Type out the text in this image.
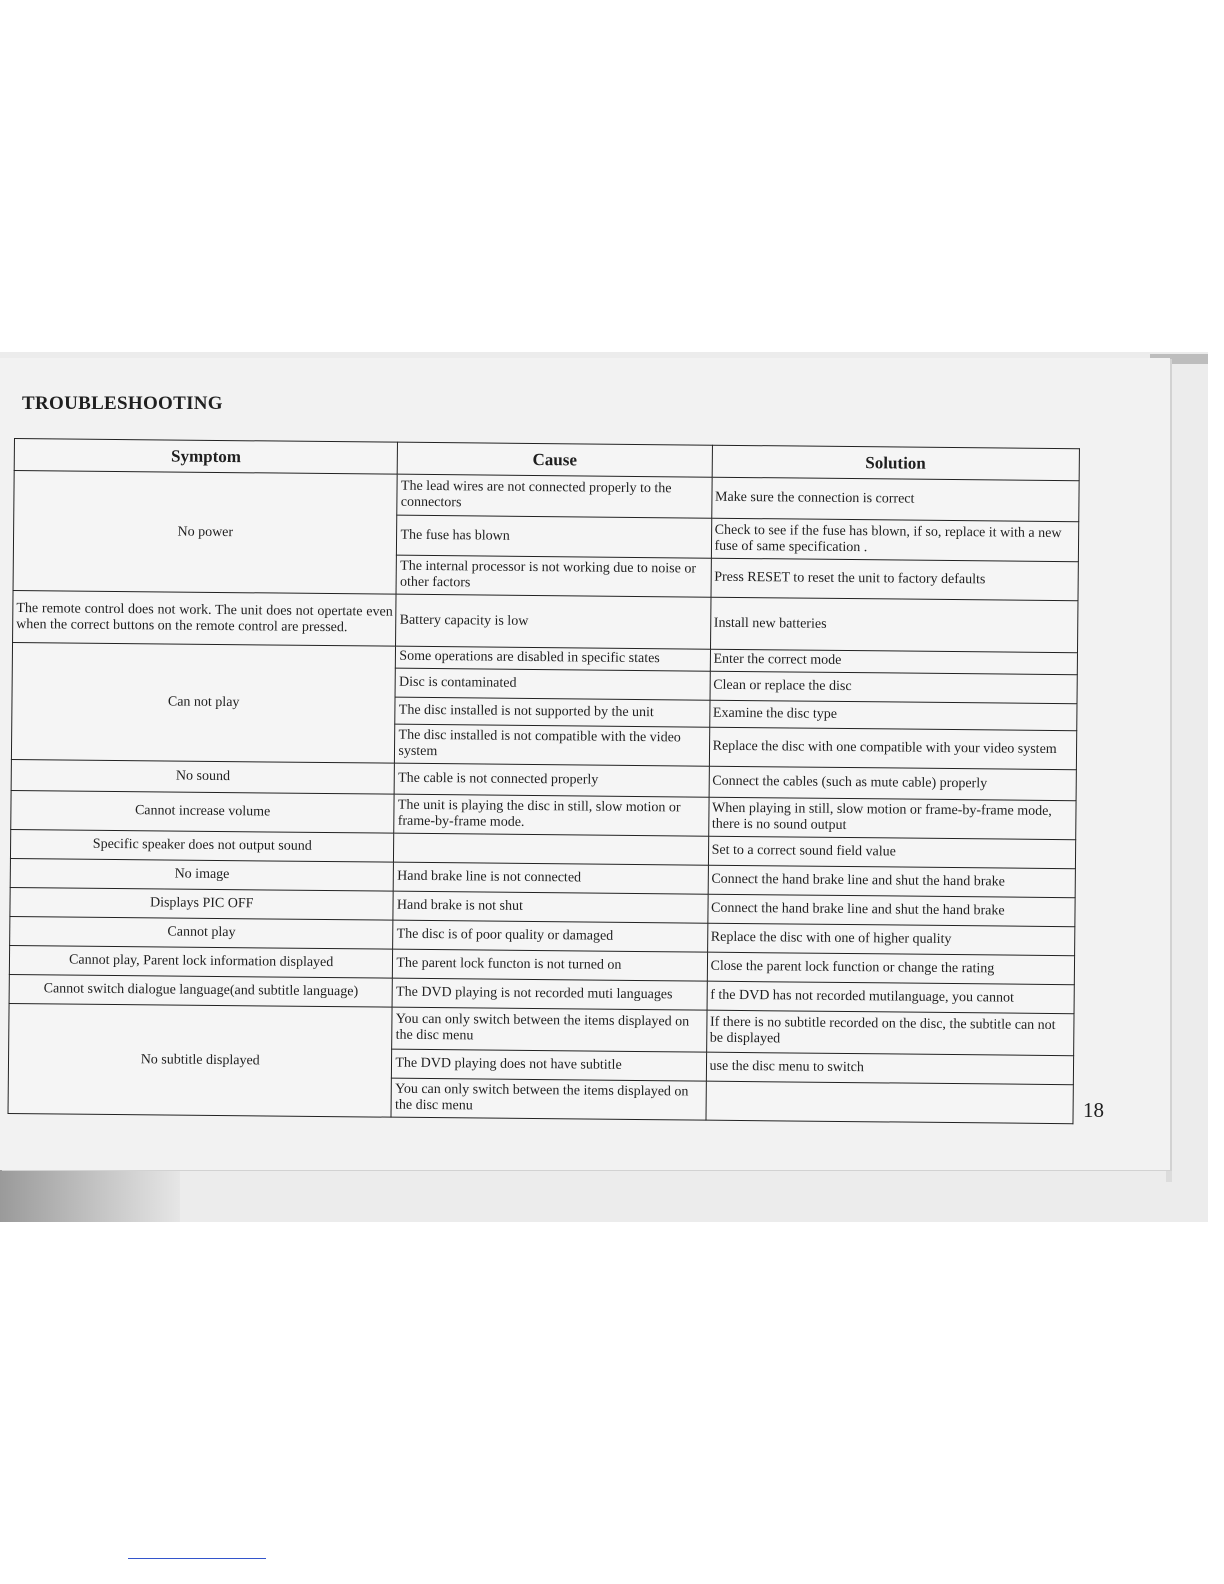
TROUBLESHOOTING
Symptom	Cause	Solution
No power	The lead wires are not connected properly to the connectors	Make sure the connection is correct
	The fuse has blown	Check to see if the fuse has blown, if so, replace it with a new fuse of same specification .
	The internal processor is not working due to noise or other factors	Press RESET to reset the unit to factory defaults
The remote control does not work. The unit does not opertate even when the correct buttons on the remote control are pressed.	Battery capacity is low	Install new batteries
Can not play	Some operations are disabled in specific states	Enter the correct mode
	Disc is contaminated	Clean or replace the disc
	The disc installed is not supported by the unit	Examine the disc type
	The disc installed is not compatible with the video system	Replace the disc with one compatible with your video system
No sound	The cable is not connected properly	Connect the cables (such as mute cable) properly
Cannot increase volume	The unit is playing the disc in still, slow motion or frame-by-frame mode.	When playing in still, slow motion or frame-by-frame mode, there is no sound output
Specific speaker does not output sound		Set to a correct sound field value
No image	Hand brake line is not connected	Connect the hand brake line and shut the hand brake
Displays PIC OFF	Hand brake is not shut	Connect the hand brake line and shut the hand brake
Cannot play	The disc is of poor quality or damaged	Replace the disc with one of higher quality
Cannot play, Parent lock information displayed	The parent lock functon is not turned on	Close the parent lock function or change the rating
Cannot switch dialogue language(and subtitle language)	The DVD playing is not recorded muti languages	f the DVD has not recorded mutilanguage, you cannot
No subtitle displayed	You can only switch between the items displayed on the disc menu	If there is no subtitle recorded on the disc, the subtitle can not be displayed
	The DVD playing does not have subtitle	use the disc menu to switch
	You can only switch between the items displayed on the disc menu		18
